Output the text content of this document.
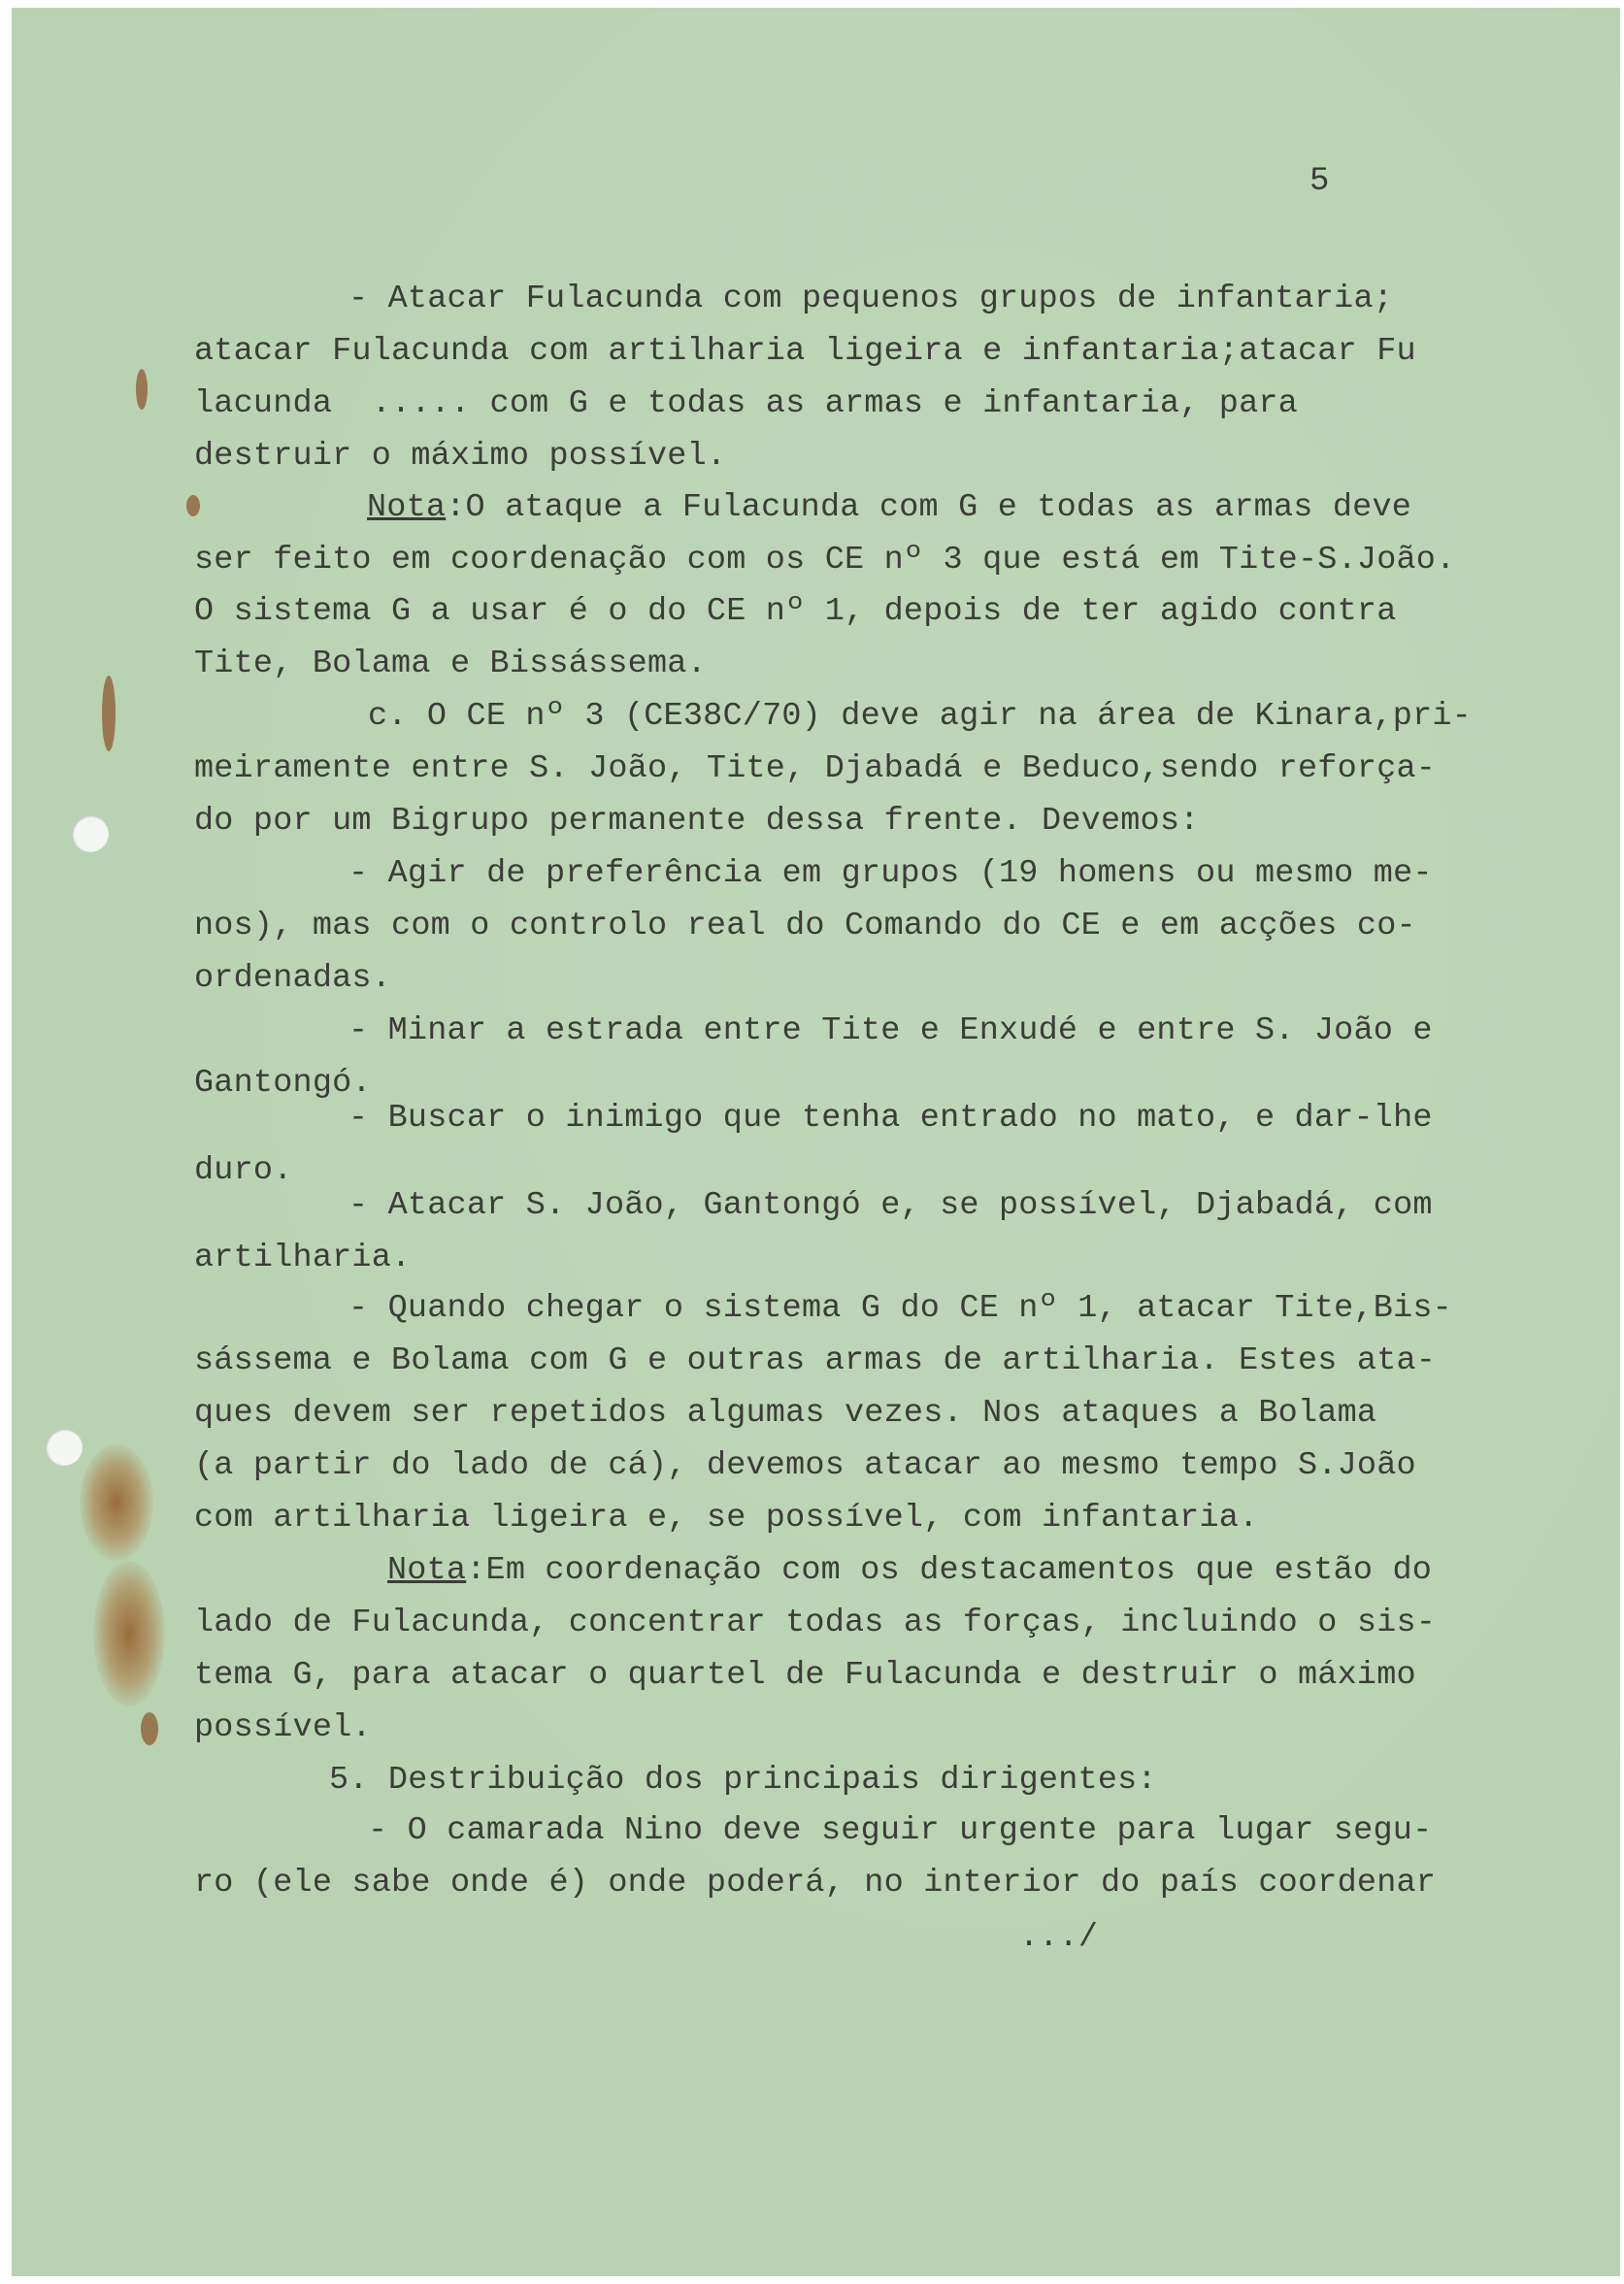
5
- Atacar Fulacunda com pequenos grupos de infantaria;
atacar Fulacunda com artilharia ligeira e infantaria;atacar Fu
lacunda  ..... com G e todas as armas e infantaria, para
destruir o máximo possível.
Nota:O ataque a Fulacunda com G e todas as armas deve
ser feito em coordenação com os CE nº 3 que está em Tite-S.João.
O sistema G a usar é o do CE nº 1, depois de ter agido contra
Tite, Bolama e Bissássema.
c. O CE nº 3 (CE38C/70) deve agir na área de Kinara,pri-
meiramente entre S. João, Tite, Djabadá e Beduco,sendo reforça-
do por um Bigrupo permanente dessa frente. Devemos:
- Agir de preferência em grupos (19 homens ou mesmo me-
nos), mas com o controlo real do Comando do CE e em acções co-
ordenadas.
- Minar a estrada entre Tite e Enxudé e entre S. João e
Gantongó.
- Buscar o inimigo que tenha entrado no mato, e dar-lhe
duro.
- Atacar S. João, Gantongó e, se possível, Djabadá, com
artilharia.
- Quando chegar o sistema G do CE nº 1, atacar Tite,Bis-
sássema e Bolama com G e outras armas de artilharia. Estes ata-
ques devem ser repetidos algumas vezes. Nos ataques a Bolama
(a partir do lado de cá), devemos atacar ao mesmo tempo S.João
com artilharia ligeira e, se possível, com infantaria.
Nota:Em coordenação com os destacamentos que estão do
lado de Fulacunda, concentrar todas as forças, incluindo o sis-
tema G, para atacar o quartel de Fulacunda e destruir o máximo
possível.
5. Destribuição dos principais dirigentes:
- O camarada Nino deve seguir urgente para lugar segu-
ro (ele sabe onde é) onde poderá, no interior do país coordenar
.../
